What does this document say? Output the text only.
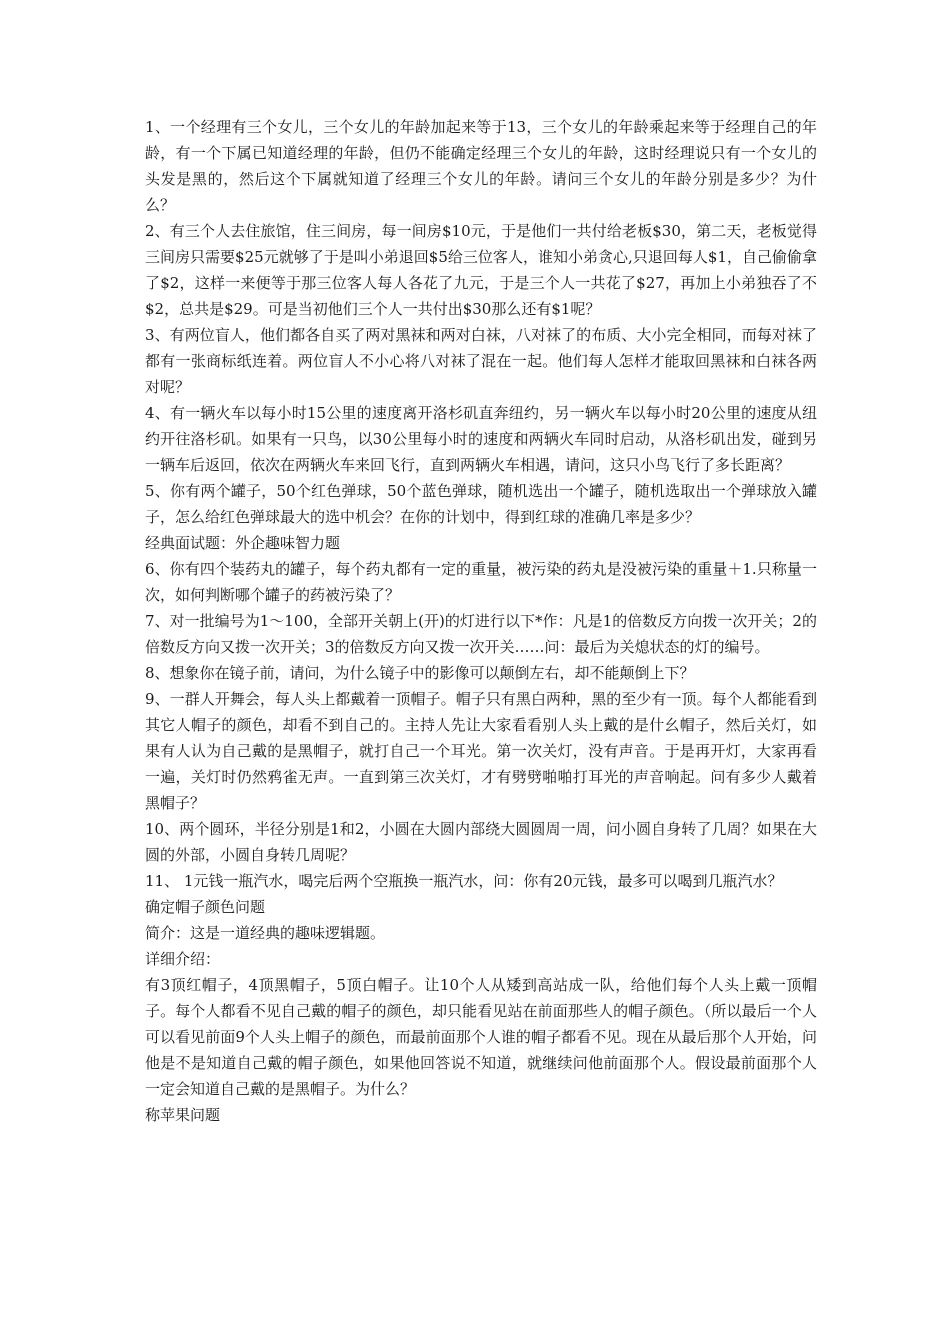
1、一个经理有三个女儿，三个女儿的年龄加起来等于13，三个女儿的年龄乘起来等于经理自己的年龄，有一个下属已知道经理的年龄，但仍不能确定经理三个女儿的年龄，这时经理说只有一个女儿的头发是黑的，然后这个下属就知道了经理三个女儿的年龄。请问三个女儿的年龄分别是多少？为什么？

2、有三个人去住旅馆，住三间房，每一间房$10元，于是他们一共付给老板$30，第二天，老板觉得三间房只需要$25元就够了于是叫小弟退回$5给三位客人，谁知小弟贪心,只退回每人$1，自己偷偷拿了$2，这样一来便等于那三位客人每人各花了九元，于是三个人一共花了$27，再加上小弟独吞了不$2，总共是$29。可是当初他们三个人一共付出$30那么还有$1呢？

3、有两位盲人，他们都各自买了两对黑袜和两对白袜，八对袜了的布质、大小完全相同，而每对袜了都有一张商标纸连着。两位盲人不小心将八对袜了混在一起。他们每人怎样才能取回黑袜和白袜各两对呢？

4、有一辆火车以每小时15公里的速度离开洛杉矶直奔纽约，另一辆火车以每小时20公里的速度从纽约开往洛杉矶。如果有一只鸟，以30公里每小时的速度和两辆火车同时启动，从洛杉矶出发，碰到另一辆车后返回，依次在两辆火车来回飞行，直到两辆火车相遇，请问，这只小鸟飞行了多长距离？

5、你有两个罐子，50个红色弹球，50个蓝色弹球，随机选出一个罐子，随机选取出一个弹球放入罐子，怎么给红色弹球最大的选中机会？在你的计划中，得到红球的准确几率是多少？

经典面试题：外企趣味智力题

6、你有四个装药丸的罐子，每个药丸都有一定的重量，被污染的药丸是没被污染的重量＋1.只称量一次，如何判断哪个罐子的药被污染了？

7、对一批编号为1～100，全部开关朝上(开)的灯进行以下*作：凡是1的倍数反方向拨一次开关；2的倍数反方向又拨一次开关；3的倍数反方向又拨一次开关……问：最后为关熄状态的灯的编号。

8、想象你在镜子前，请问，为什么镜子中的影像可以颠倒左右，却不能颠倒上下？

9、一群人开舞会，每人头上都戴着一顶帽子。帽子只有黑白两种，黑的至少有一顶。每个人都能看到其它人帽子的颜色，却看不到自己的。主持人先让大家看看别人头上戴的是什幺帽子，然后关灯，如果有人认为自己戴的是黑帽子，就打自己一个耳光。第一次关灯，没有声音。于是再开灯，大家再看一遍，关灯时仍然鸦雀无声。一直到第三次关灯，才有劈劈啪啪打耳光的声音响起。问有多少人戴着黑帽子？

10、两个圆环，半径分别是1和2，小圆在大圆内部绕大圆圆周一周，问小圆自身转了几周？如果在大圆的外部，小圆自身转几周呢？

11、 1元钱一瓶汽水，喝完后两个空瓶换一瓶汽水，问：你有20元钱，最多可以喝到几瓶汽水？

确定帽子颜色问题

简介：这是一道经典的趣味逻辑题。

详细介绍：

有3顶红帽子，4顶黑帽子，5顶白帽子。让10个人从矮到高站成一队，给他们每个人头上戴一顶帽子。每个人都看不见自己戴的帽子的颜色，却只能看见站在前面那些人的帽子颜色。（所以最后一个人可以看见前面9个人头上帽子的颜色，而最前面那个人谁的帽子都看不见。现在从最后那个人开始，问他是不是知道自己戴的帽子颜色，如果他回答说不知道，就继续问他前面那个人。假设最前面那个人一定会知道自己戴的是黑帽子。为什么？

称苹果问题
